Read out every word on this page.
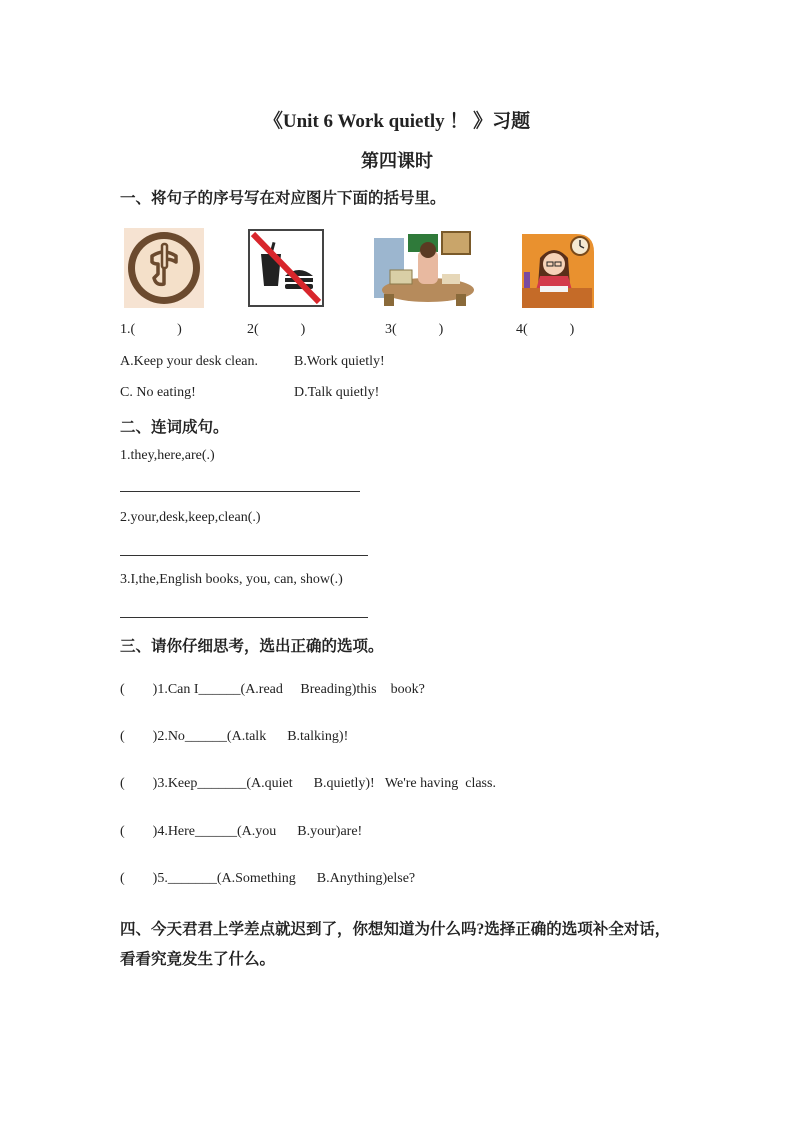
《Unit 6 Work quietly ！ 》习题
第四课时
一、将句子的序号写在对应图片下面的括号里。
1.(            )	2(            )	3(            )	4(            )
A.Keep your desk clean.	B.Work quietly!
C. No eating!	D.Talk quietly!
二、连词成句。
1.they,here,are(.)
2.your,desk,keep,clean(.)
3.I,the,English books, you, can, show(.)
三、请你仔细思考，选出正确的选项。
(        )1.Can I______(A.read     Breading)this    book?
(        )2.No______(A.talk      B.talking)!
(        )3.Keep_______(A.quiet      B.quietly)!   We're having  class.
(        )4.Here______(A.you      B.your)are!
(        )5._______(A.Something      B.Anything)else?
四、今天君君上学差点就迟到了，你想知道为什么吗?选择正确的选项补全对话，
看看究竟发生了什么。
